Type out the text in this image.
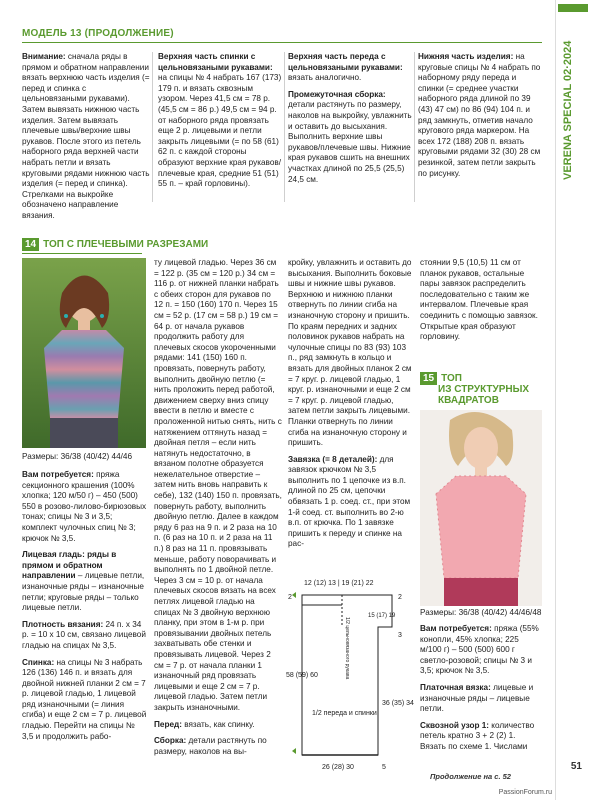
МОДЕЛЬ 13 (ПРОДОЛЖЕНИЕ)
Внимание: сначала ряды в прямом и обратном направлении вязать верхнюю часть изделия (= перед и спинка с цельновязаными рукавами). Затем вывязать нижнюю часть изделия. Затем вывязать плечевые швы/верхние швы рукавов. После этого из петель наборного ряда верхней части набрать петли и вязать круговыми рядами нижнюю часть изделия (= перед и спинка). Стрелками на выкройке обозначено направление вязания.
Верхняя часть спинки с цельновязаными рукавами: на спицы № 4 набрать 167 (173) 179 п. и вязать сквозным узором. Через 41,5 см = 78 р. (45,5 см = 86 р.) 49,5 см = 94 р. от наборного ряда провязать еще 2 р. лицевыми и петли закрыть лицевыми (= по 58 (61) 62 п. с каждой стороны образуют верхние края рукавов/плечевые края, средние 51 (51) 55 п. – край горловины).
Верхняя часть переда с цельновязаными рукавами: вязать аналогично.
Промежуточная сборка: детали растянуть по размеру, наколов на выкройку, увлажнить и оставить до высыхания. Выполнить верхние швы рукавов/плечевые швы. Нижние края рукавов сшить на внешних участках длиной по 25,5 (25,5) 24,5 см.
Нижняя часть изделия: на круговые спицы № 4 набрать по наборному ряду переда и спинки (= среднее участки наборного ряда длиной по 39 (43) 47 см) по 86 (94) 104 п. и ряд замкнуть, отметив начало кругового ряда маркером. На всех 172 (188) 208 п. вязать круговыми рядами 32 (30) 28 см резинкой, затем петли закрыть по рисунку.
14 ТОП С ПЛЕЧЕВЫМИ РАЗРЕЗАМИ
Размеры: 36/38 (40/42) 44/46
Вам потребуется: пряжа секционного крашения (100% хлопка; 120 м/50 г) – 450 (500) 550 в розово-лилово-бирюзовых тонах; спицы № 3 и 3,5; комплект чулочных спиц № 3; крючок № 3,5.
Лицевая гладь: ряды в прямом и обратном направлении – лицевые петли, изнаночные ряды – изнаночные петли; круговые ряды – только лицевые петли.
Плотность вязания: 24 п. х 34 р. = 10 х 10 см, связано лицевой гладью на спицах № 3,5.
Спинка: на спицы № 3 набрать 126 (136) 146 п. и вязать для двойной нижней планки 2 см = 7 р. лицевой гладью, 1 лицевой ряд изнаночными (= линия сгиба) и еще 2 см = 7 р. лицевой гладью. Перейти на спицы № 3,5 и продолжить рабо-
ту лицевой гладью. Через 36 см = 122 р. (35 см = 120 р.) 34 см = 116 р. от нижней планки набрать с обеих сторон для рукавов по 12 п. = 150 (160) 170 п. Через 15 см = 52 р. (17 см = 58 р.) 19 см = 64 р. от начала рукавов продолжить работу для плечевых скосов укороченными рядами: 141 (150) 160 п. провязать, повернуть работу, выполнить двойную петлю (= нить проложить перед работой, движением сверху вниз спицу ввести в петлю и вместе с проложенной нитью снять, нить с натяжением оттянуть назад = двойная петля – если нить натянуть недостаточно, в вязаном полотне образуется нежелательное отверстие – затем нить вновь направить к себе), 132 (140) 150 п. провязать, повернуть работу, выполнить двойную петлю. Далее в каждом ряду 6 раз на 9 п. и 2 раза на 10 п. (6 раз на 10 п. и 2 раза на 11 п.) 8 раз на 11 п. провязывать меньше, работу поворачивать и выполнять по 1 двойной петле. Через 3 см = 10 р. от начала плечевых скосов вязать на всех петлях лицевой гладью на спицах № 3 двойную верхнюю планку, при этом в 1-м р. при провязывании двойных петель захватывать обе стенки и провязывать лицевой. Через 2 см = 7 р. от начала планки 1 изнаночный ряд провязать лицевыми и еще 2 см = 7 р. лицевой гладью. Затем петли закрыть изнаночными.
Перед: вязать, как спинку.
Сборка: детали растянуть по размеру, наколов на вы-
кройку, увлажнить и оставить до высыхания. Выполнить боковые швы и нижние швы рукавов. Верхнюю и нижнюю планки отвернуть по линии сгиба на изнаночную сторону и пришить. По краям передних и задних половинок рукавов набрать на чулочные спицы по 83 (93) 103 п., ряд замкнуть в кольцо и вязать для двойных планок 2 см = 7 круг. р. лицевой гладью, 1 круг. р. изнаночными и еще 2 см = 7 круг. р. лицевой гладью, затем петли закрыть лицевыми. Планки отвернуть по линии сгиба на изнаночную сторону и пришить.
Завязка (= 8 деталей): для завязок крючком № 3,5 выполнить по 1 цепочке из в.п. длиной по 25 см, цепочки обвязать 1 р. соед. ст., при этом 1-й соед. ст. выполнить во 2-ю в.п. от крючка. По 1 завязке пришить к переду и спинке на рас-
стоянии 9,5 (10,5) 11 см от планок рукавов, остальные пары завязок распределить последовательно с таким же интервалом. Плечевые края соединить с помощью завязок. Открытые края образуют горловину.
15 ТОП
ИЗ СТРУКТУРНЫХ КВАДРАТОВ
Размеры: 36/38 (40/42) 44/46/48
Вам потребуется: пряжа (55% конопли, 45% хлопка; 225 м/100 г) – 500 (500) 600 г светло-розовой; спицы № 3 и 3,5; крючок № 3,5.
Платочная вязка: лицевые и изнаночные ряды – лицевые петли.
Сквозной узор 1: количество петель кратно 3 + 2 (2) 1. Вязать по схеме 1. Числами
Продолжение на с. 52
12 (12) 13 | 19 (21) 22
2	2
15 (17) 19
1/2 цельновязаного рукава
58 (59) 60
1/2 переда и спинки
36 (35) 34
26 (28) 30	5
3
VERENA SPECIAL 02·2024
51
PassionForum.ru
